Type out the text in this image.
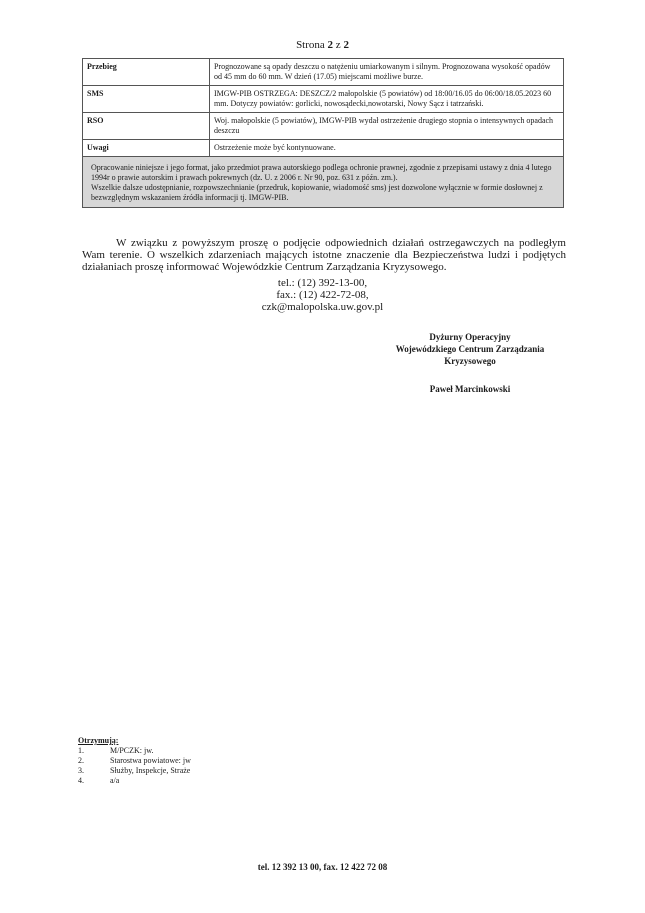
Strona 2 z 2
Przebieg	Prognozowane są opady deszczu o natężeniu umiarkowanym i silnym. Prognozowana wysokość opadów od 45 mm do 60 mm. W dzień (17.05) miejscami możliwe burze.
SMS	IMGW-PIB OSTRZEGA: DESZCZ/2 małopolskie (5 powiatów) od 18:00/16.05 do 06:00/18.05.2023 60 mm. Dotyczy powiatów: gorlicki, nowosądecki,nowotarski, Nowy Sącz i tatrzański.
RSO	Woj. małopolskie (5 powiatów), IMGW-PIB wydał ostrzeżenie drugiego stopnia o intensywnych opadach deszczu
Uwagi	Ostrzeżenie może być kontynuowane.

Opracowanie niniejsze i jego format, jako przedmiot prawa autorskiego podlega ochronie prawnej, zgodnie z przepisami ustawy z dnia 4 lutego 1994r o prawie autorskim i prawach pokrewnych (dz. U. z 2006 r. Nr 90, poz. 631 z późn. zm.).
Wszelkie dalsze udostępnianie, rozpowszechnianie (przedruk, kopiowanie, wiadomość sms) jest dozwolone wyłącznie w formie dosłownej z bezwzględnym wskazaniem źródła informacji tj. IMGW-PIB.	

W związku z powyższym proszę o podjęcie odpowiednich działań ostrzegawczych na podległym Wam terenie. O wszelkich zdarzeniach mających istotne znaczenie dla Bezpieczeństwa ludzi i podjętych działaniach proszę informować Wojewódzkie Centrum Zarządzania Kryzysowego.

tel.: (12) 392-13-00,
fax.: (12) 422-72-08,
czk@malopolska.uw.gov.pl
Dyżurny Operacyjny
Wojewódzkiego Centrum Zarządzania
Kryzysowego
Paweł Marcinkowski
Otrzymują:
1.	M/PCZK: jw.
2.	Starostwa powiatowe: jw
3.	Służby, Inspekcje, Straże
4.	a/a
tel. 12 392 13 00, fax. 12 422 72 08
